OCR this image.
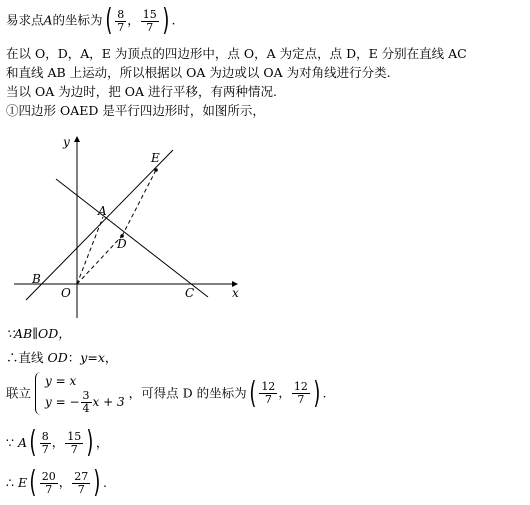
易求点A的坐标为( $\frac{8}{7}$ ， $\frac{15}{7}$ ) .
在以 O，D，A，E 为顶点的四边形中，点 O，A 为定点，点 D，E 分别在直线 AC
和直线 AB 上运动，所以根据以 OA 为边或以 OA 为对角线进行分类.
当以 OA 为边时，把 OA 进行平移，有两种情况.
①四边形 OAED 是平行四边形时，如图所示，
y
x
E
A
D
B
O	C
∵AB∥OD，
∴直线 OD：y=x，
联立
y = x
y = − $\frac{3}{4}$ x + 3
，可得点 D 的坐标为( $\frac{12}{7}$ ， $\frac{12}{7}$ ) .
∵ $A( \frac{8}{7}$ ， $\frac{15}{7}$ ) ，
∴ $E( \frac{20}{7}$ ， $\frac{27}{7}$ ) .
